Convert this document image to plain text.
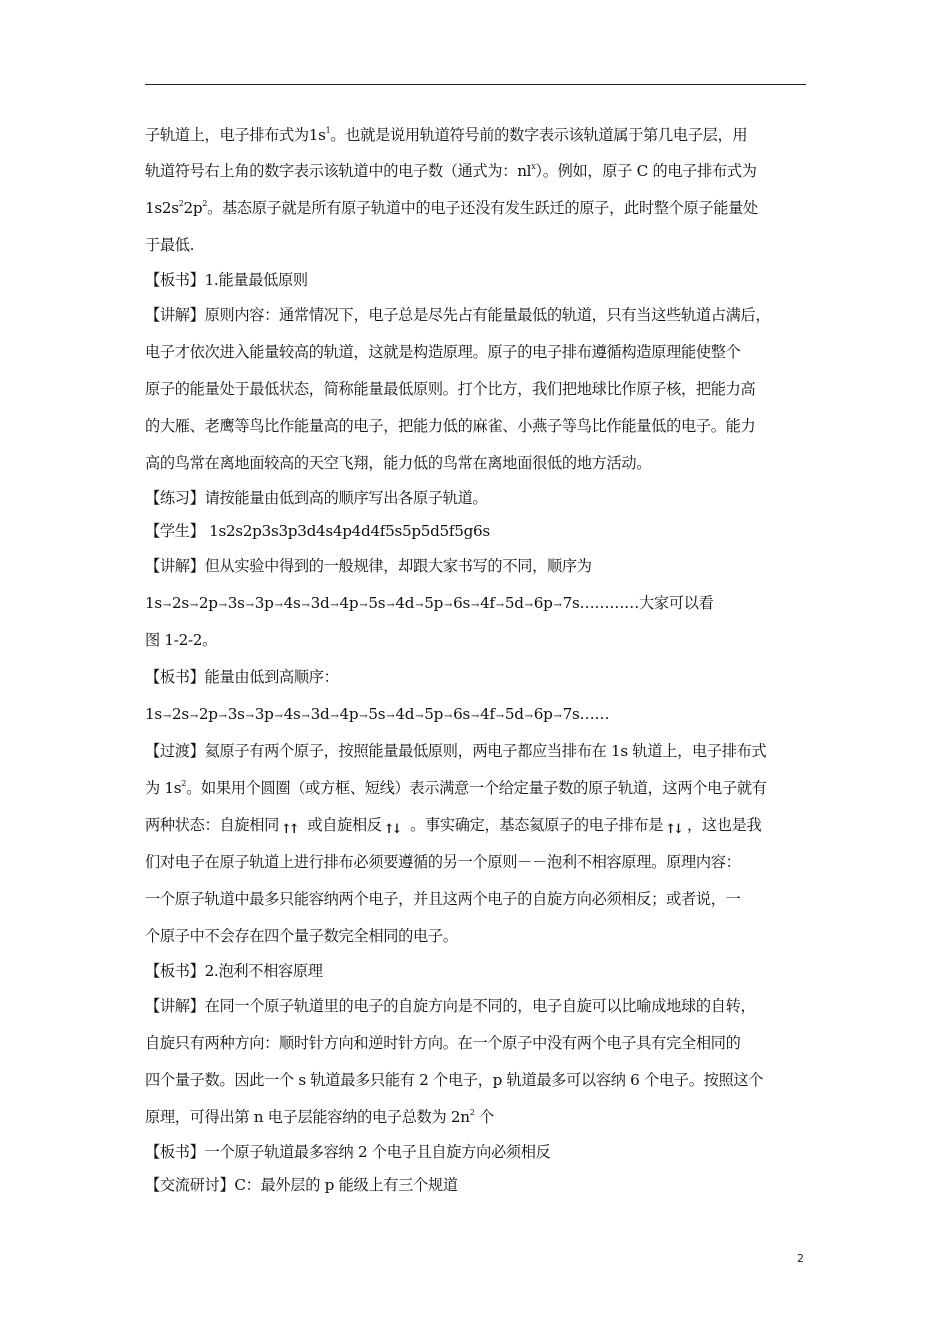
子轨道上，电子排布式为$1s^1$。也就是说用轨道符号前的数字表示该轨道属于第几电子层，用
轨道符号右上角的数字表示该轨道中的电子数（通式为：$nl^x$）。例如，原子 C 的电子排布式为
$1s2s^22p^2$。基态原子就是所有原子轨道中的电子还没有发生跃迁的原子，此时整个原子能量处
于最低.
【板书】1.能量最低原则
【讲解】原则内容：通常情况下，电子总是尽先占有能量最低的轨道，只有当这些轨道占满后，
电子才依次进入能量较高的轨道，这就是构造原理。原子的电子排布遵循构造原理能使整个
原子的能量处于最低状态，简称能量最低原则。打个比方，我们把地球比作原子核，把能力高
的大雁、老鹰等鸟比作能量高的电子，把能力低的麻雀、小燕子等鸟比作能量低的电子。能力
高的鸟常在离地面较高的天空飞翔，能力低的鸟常在离地面很低的地方活动。
【练习】请按能量由低到高的顺序写出各原子轨道。
【学生】 1s2s2p3s3p3d4s4p4d4f5s5p5d5f5g6s
【讲解】但从实验中得到的一般规律，却跟大家书写的不同，顺序为
1s→2s→2p→3s→3p→4s→3d→4p→5s→4d→5p→6s→4f→5d→6p→7s…………大家可以看
图 1-2-2。
【板书】能量由低到高顺序：
1s→2s→2p→3s→3p→4s→3d→4p→5s→4d→5p→6s→4f→5d→6p→7s……
【过渡】氦原子有两个原子，按照能量最低原则，两电子都应当排布在 1s 轨道上，电子排布式
为 $1s^2$。如果用个圆圈（或方框、短线）表示满意一个给定量子数的原子轨道，这两个电子就有
两种状态：自旋相同 ↑↑ 或自旋相反 ↑↓ 。事实确定，基态氦原子的电子排布是 ↑↓ ，这也是我
们对电子在原子轨道上进行排布必须要遵循的另一个原则－－泡利不相容原理。原理内容：
一个原子轨道中最多只能容纳两个电子，并且这两个电子的自旋方向必须相反；或者说，一
个原子中不会存在四个量子数完全相同的电子。
【板书】2.泡利不相容原理
【讲解】在同一个原子轨道里的电子的自旋方向是不同的，电子自旋可以比喻成地球的自转，
自旋只有两种方向：顺时针方向和逆时针方向。在一个原子中没有两个电子具有完全相同的
四个量子数。因此一个 s 轨道最多只能有 2 个电子，p 轨道最多可以容纳 6 个电子。按照这个
原理，可得出第 n 电子层能容纳的电子总数为 $2n^2$ 个
【板书】一个原子轨道最多容纳 2 个电子且自旋方向必须相反
【交流研讨】C：最外层的 p 能级上有三个规道
2
